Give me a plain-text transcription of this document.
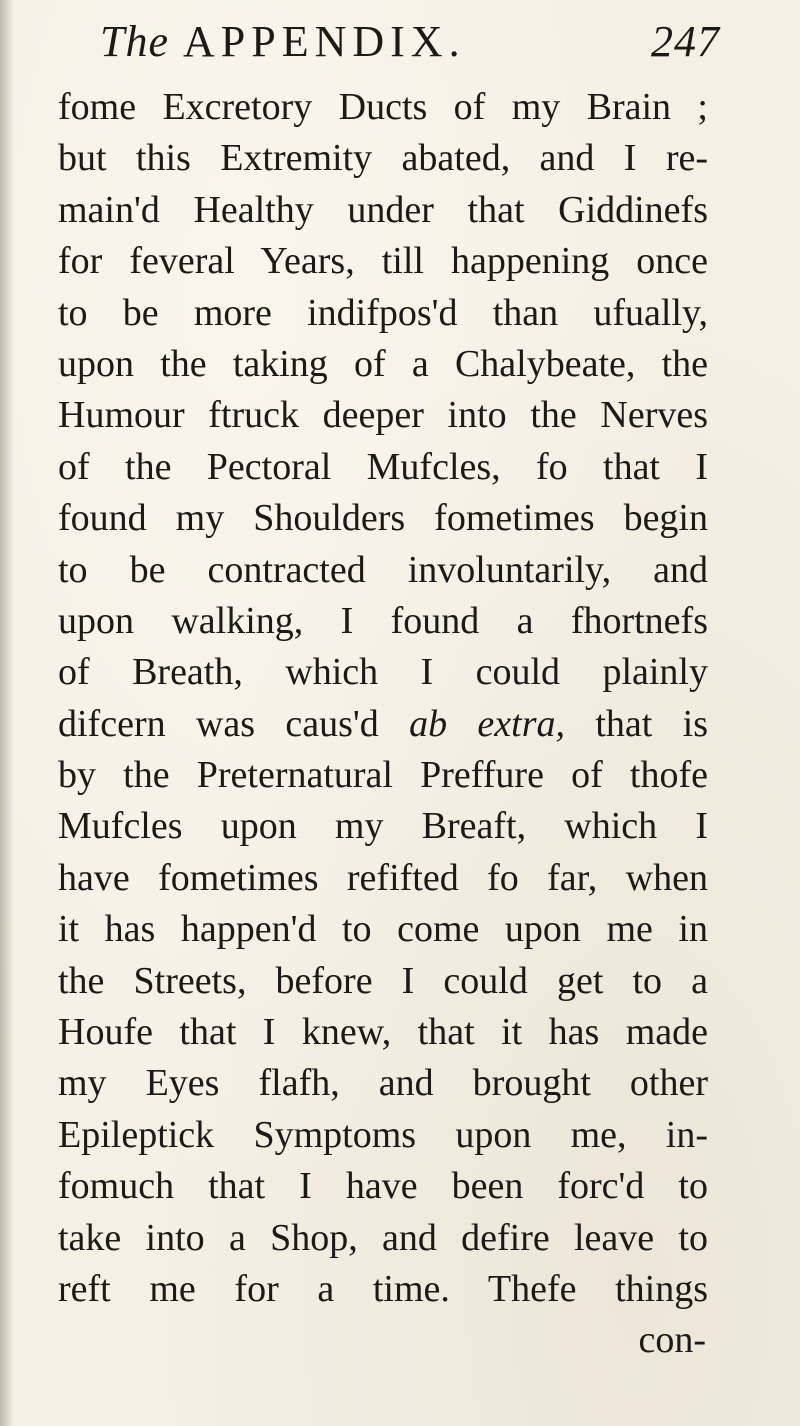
The APPENDIX.	247
fome Excretory Ducts of my Brain ;
but this Extremity abated, and I re-
main'd Healthy under that Giddinefs
for feveral Years, till happening once
to be more indifpos'd than ufually,
upon the taking of a Chalybeate, the
Humour ftruck deeper into the Nerves
of the Pectoral Mufcles, fo that I
found my Shoulders fometimes begin
to be contracted involuntarily, and
upon walking, I found a fhortnefs
of Breath, which I could plainly
difcern was caus'd ab extra, that is
by the Preternatural Preffure of thofe
Mufcles upon my Breaft, which I
have fometimes refifted fo far, when
it has happen'd to come upon me in
the Streets, before I could get to a
Houfe that I knew, that it has made
my Eyes flafh, and brought other
Epileptick Symptoms upon me, in-
fomuch that I have been forc'd to
take into a Shop, and defire leave to
reft me for a time. Thefe things
con-
